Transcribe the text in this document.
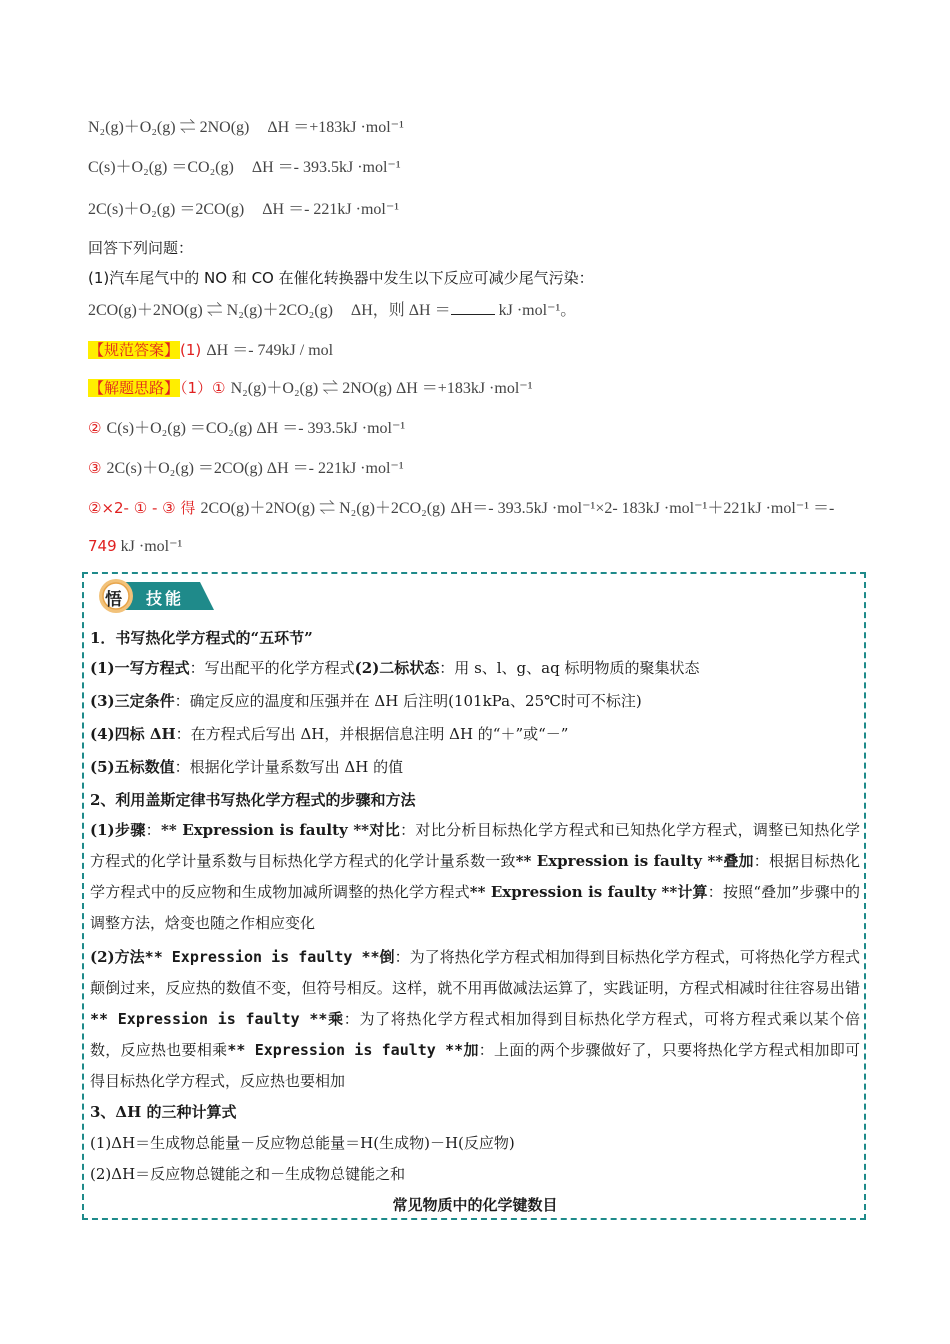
N₂(g)＋O₂(g) ⇌ 2NO(g) ΔH ＝+183kJ ·mol⁻¹
C(s)＋O₂(g) ＝CO₂(g) ΔH ＝- 393.5kJ ·mol⁻¹
2C(s)＋O₂(g) ＝2CO(g) ΔH ＝- 221kJ ·mol⁻¹
回答下列问题：
(1)汽车尾气中的 NO 和 CO 在催化转换器中发生以下反应可减少尾气污染：
2CO(g)＋2NO(g) ⇌ N₂(g)＋2CO₂(g) ΔH，则 ΔH ＝	kJ ·mol⁻¹。
【规范答案】(1) ΔH ＝- 749kJ / mol
【解题思路】（1）① N₂(g)＋O₂(g) ⇌ 2NO(g) ΔH ＝+183kJ ·mol⁻¹
② C(s)＋O₂(g) ＝CO₂(g) ΔH ＝- 393.5kJ ·mol⁻¹
③ 2C(s)＋O₂(g) ＝2CO(g) ΔH ＝- 221kJ ·mol⁻¹
②×2- ① - ③ 得 2CO(g)＋2NO(g) ⇌ N₂(g)＋2CO₂(g) ΔH＝- 393.5kJ ·mol⁻¹×2- 183kJ ·mol⁻¹＋221kJ ·mol⁻¹ ＝-
749 kJ ·mol⁻¹
悟 技能
1．书写热化学方程式的“五环节”
(1)一写方程式：写出配平的化学方程式(2)二标状态：用 s、l、g、aq 标明物质的聚集状态
(3)三定条件：确定反应的温度和压强并在 ΔH 后注明(101kPa、25℃时可不标注)
(4)四标 ΔH：在方程式后写出 ΔH，并根据信息注明 ΔH 的“＋”或“－”
(5)五标数值：根据化学计量系数写出 ΔH 的值
2、利用盖斯定律书写热化学方程式的步骤和方法
(1)步骤：** Expression is faulty **对比：对比分析目标热化学方程式和已知热化学方程式，调整已知热化学方程式的化学计量系数与目标热化学方程式的化学计量系数一致** Expression is faulty **叠加：根据目标热化学方程式中的反应物和生成物加减所调整的热化学方程式** Expression is faulty **计算：按照“叠加”步骤中的调整方法，焓变也随之作相应变化
(2)方法** Expression is faulty **倒：为了将热化学方程式相加得到目标热化学方程式，可将热化学方程式颠倒过来，反应热的数值不变，但符号相反。这样，就不用再做减法运算了，实践证明，方程式相减时往往容易出错** Expression is faulty **乘：为了将热化学方程式相加得到目标热化学方程式，可将方程式乘以某个倍数，反应热也要相乘** Expression is faulty **加：上面的两个步骤做好了，只要将热化学方程式相加即可得目标热化学方程式，反应热也要相加
3、ΔH 的三种计算式
(1)ΔH＝生成物总能量－反应物总能量＝H(生成物)－H(反应物)
(2)ΔH＝反应物总键能之和－生成物总键能之和
常见物质中的化学键数目
